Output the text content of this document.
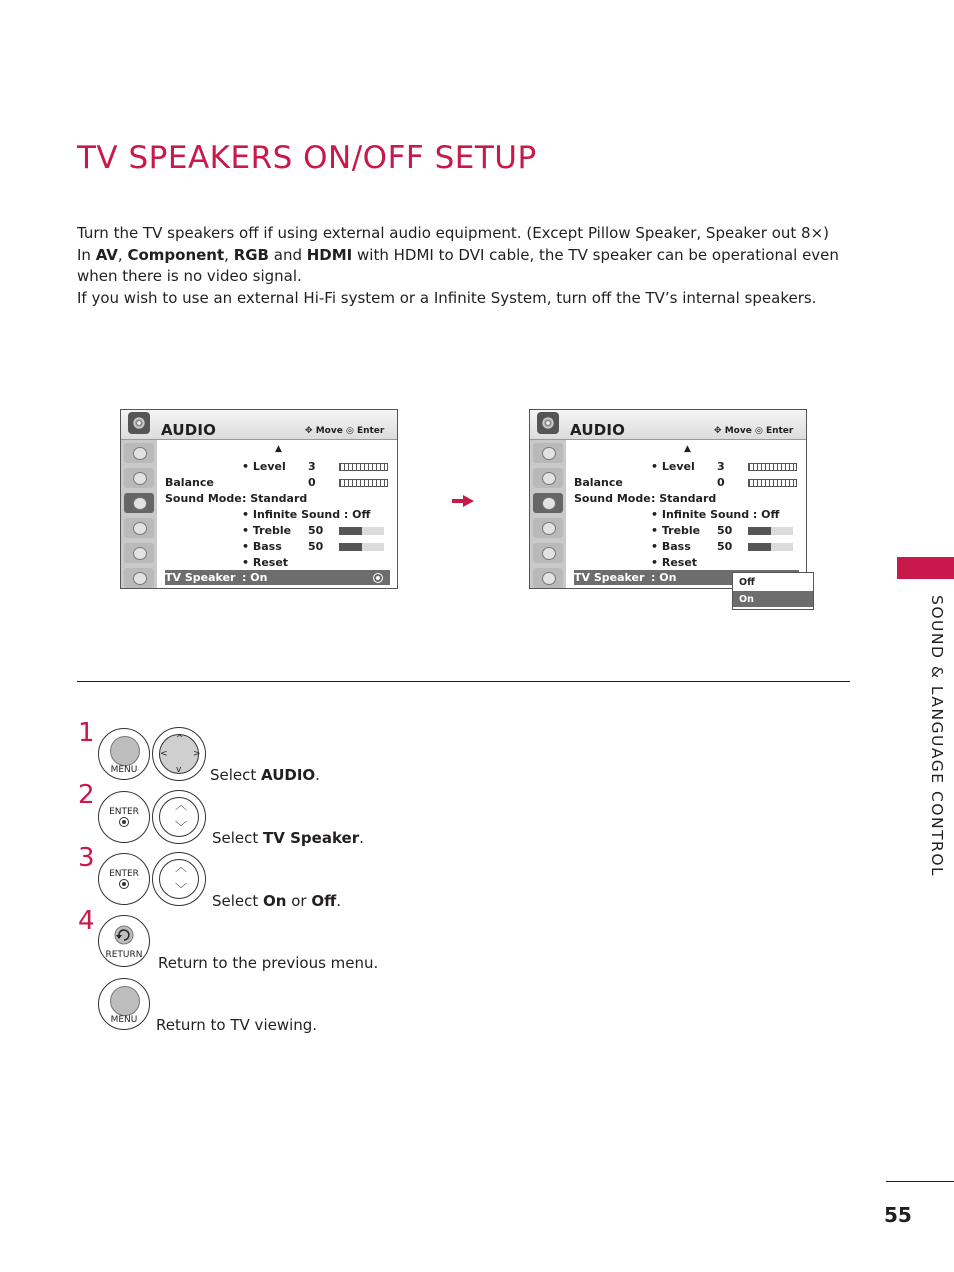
TV SPEAKERS ON/OFF SETUP

Turn the TV speakers off if using external audio equipment. (Except Pillow Speaker, Speaker out 8×)

In AV, Component, RGB and HDMI with HDMI to DVI cable, the TV speaker can be operational even when there is no video signal.

If you wish to use an external Hi-Fi system or a Infinite System, turn off the TV’s internal speakers.

SOUND & LANGUAGE CONTROL
AUDIO	✥ Move ◎ Enter
▲
• Level 3
Balance	0
Sound Mode : Standard
• Infinite Sound : Off
• Treble 50
• Bass 50
• Reset
TV Speaker : On
AUDIO	✥ Move ◎ Enter
▲
• Level 3
Balance	0
Sound Mode : Standard
• Infinite Sound : Off
• Treble 50
• Bass 50
• Reset
TV Speaker : On	Off
On
1
MENU
^
v
<	>
Select AUDIO.
2
ENTER	︿
﹀
Select TV Speaker.
3
ENTER	︿
﹀
Select On or Off.
4
RETURN	Return to the previous menu.
MENU	Return to TV viewing.
55
